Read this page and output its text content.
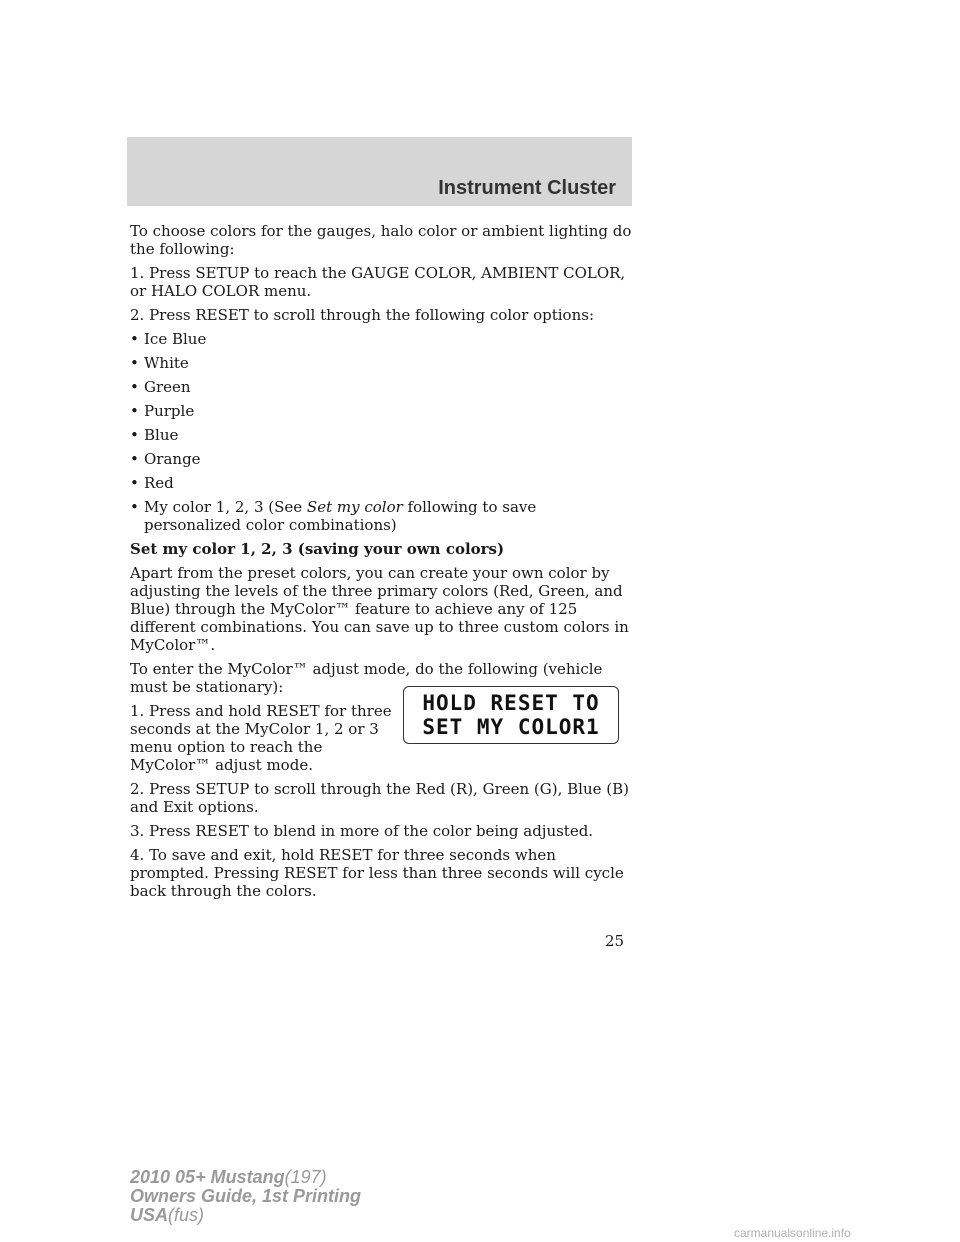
Instrument Cluster

To choose colors for the gauges, halo color or ambient lighting do the following:

1. Press SETUP to reach the GAUGE COLOR, AMBIENT COLOR, or HALO COLOR menu.

2. Press RESET to scroll through the following color options:

• Ice Blue
• White
• Green
• Purple
• Blue
• Orange
• Red
• My color 1, 2, 3 (See Set my color following to save personalized color combinations)

Set my color 1, 2, 3 (saving your own colors)

Apart from the preset colors, you can create your own color by adjusting the levels of the three primary colors (Red, Green, and Blue) through the MyColor™ feature to achieve any of 125 different combinations. You can save up to three custom colors in MyColor™.

To enter the MyColor™ adjust mode, do the following (vehicle must be stationary):

1. Press and hold RESET for three seconds at the MyColor 1, 2 or 3 menu option to reach the MyColor™ adjust mode.

2. Press SETUP to scroll through the Red (R), Green (G), Blue (B) and Exit options.

3. Press RESET to blend in more of the color being adjusted.

4. To save and exit, hold RESET for three seconds when prompted. Pressing RESET for less than three seconds will cycle back through the colors.

HOLD RESET TO
SET MY COLOR1
25
2010 05+ Mustang(197)
Owners Guide, 1st Printing
USA(fus)
carmanualsonline.info
